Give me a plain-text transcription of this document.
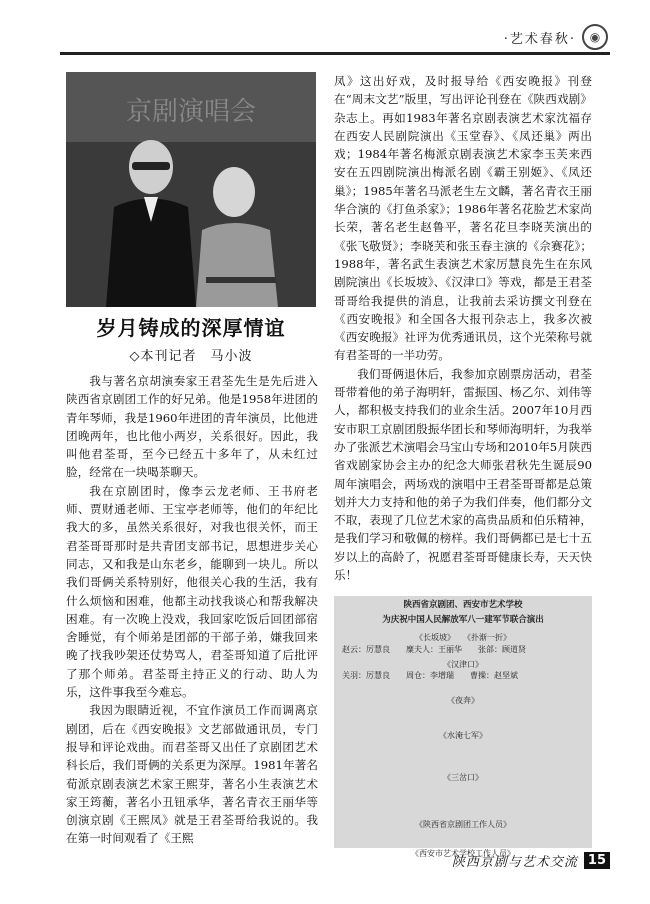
·艺术春秋·	◉
京剧演唱会
岁月铸成的深厚情谊
◇本刊记者　马小波

我与著名京胡演奏家王君荃先生是先后进入陕西省京剧团工作的好兄弟。他是1958年进团的青年琴师，我是1960年进团的青年演员，比他进团晚两年，也比他小两岁，关系很好。因此，我叫他君荃哥，至今已经五十多年了，从未红过脸，经常在一块喝茶聊天。

我在京剧团时，像李云龙老师、王书府老师、贾财通老师、王宝亭老师等，他们的年纪比我大的多，虽然关系很好，对我也很关怀，而王君荃哥哥那时是共青团支部书记，思想进步关心同志，又和我是山东老乡，能聊到一块儿。所以我们哥俩关系特别好，他很关心我的生活，我有什么烦恼和困难，他都主动找我谈心和帮我解决困难。有一次晚上没戏，我回家吃饭后回团部宿舍睡觉，有个师弟是团部的干部子弟，嫌我回来晚了找我吵架还仗势骂人，君荃哥知道了后批评了那个师弟。君荃哥主持正义的行动、助人为乐，这件事我至今难忘。

我因为眼睛近视，不宜作演员工作而调离京剧团，后在《西安晚报》文艺部做通讯员，专门报导和评论戏曲。而君荃哥又出任了京剧团艺术科长后，我们哥俩的关系更为深厚。1981年著名荀派京剧表演艺术家王熙芽，著名小生表演艺术家王筠蘅，著名小丑钮承华，著名青衣王丽华等创演京剧《王熙凤》就是王君荃哥给我说的。我在第一时间观看了《王熙

凤》这出好戏，及时报导给《西安晚报》刊登在“周末文艺”版里，写出评论刊登在《陕西戏剧》杂志上。再如1983年著名京剧表演艺术家沈福存在西安人民剧院演出《玉堂春》、《凤还巢》两出戏；1984年著名梅派京剧表演艺术家李玉芙来西安在五四剧院演出梅派名剧《霸王别姬》、《凤还巢》；1985年著名马派老生左文麟，著名青衣王丽华合演的《打鱼杀家》；1986年著名花脸艺术家尚长荣，著名老生赵鲁平，著名花旦李晓芙演出的《张飞敬贤》；李晓芙和张玉春主演的《佘赛花》；1988年，著名武生表演艺术家厉慧良先生在东风剧院演出《长坂坡》、《汉津口》等戏，都是王君荃哥哥给我提供的消息，让我前去采访撰文刊登在《西安晚报》和全国各大报刊杂志上，我多次被《西安晚报》社评为优秀通讯员，这个光荣称号就有君荃哥的一半功劳。

我们哥俩退休后，我参加京剧票房活动，君荃哥带着他的弟子海明轩，雷振国、杨乙尔、刘伟等人，都积极支持我们的业余生活。2007年10月西安市职工京剧团殷振华团长和琴师海明轩，为我举办了张派艺术演唱会马宝山专场和2010年5月陕西省戏剧家协会主办的纪念大师张君秋先生诞辰90周年演唱会，两场戏的演唱中王君荃哥哥都是总策划并大力支持和他的弟子为我们伴奏，他们都分文不取，表现了几位艺术家的高贵品质和伯乐精神，是我们学习和敬佩的榜样。我们哥俩都已是七十五岁以上的高龄了，祝愿君荃哥哥健康长寿，天天快乐！

陕西省京剧团、西安市艺术学校
为庆祝中国人民解放军八一建军节联合演出
《长坂坡》　　《扑渐一折》
赵云：厉慧良　　糜夫人：王丽华　　张郃：顾道贤
《汉津口》
关羽：厉慧良　　周仓：李增瑞　　曹操：赵坚斌
《夜奔》
《水淹七军》
《三岔口》
《陕西省京剧团工作人员》
《西安市艺术学校工作人员》
陕西京剧与艺术交流 15
